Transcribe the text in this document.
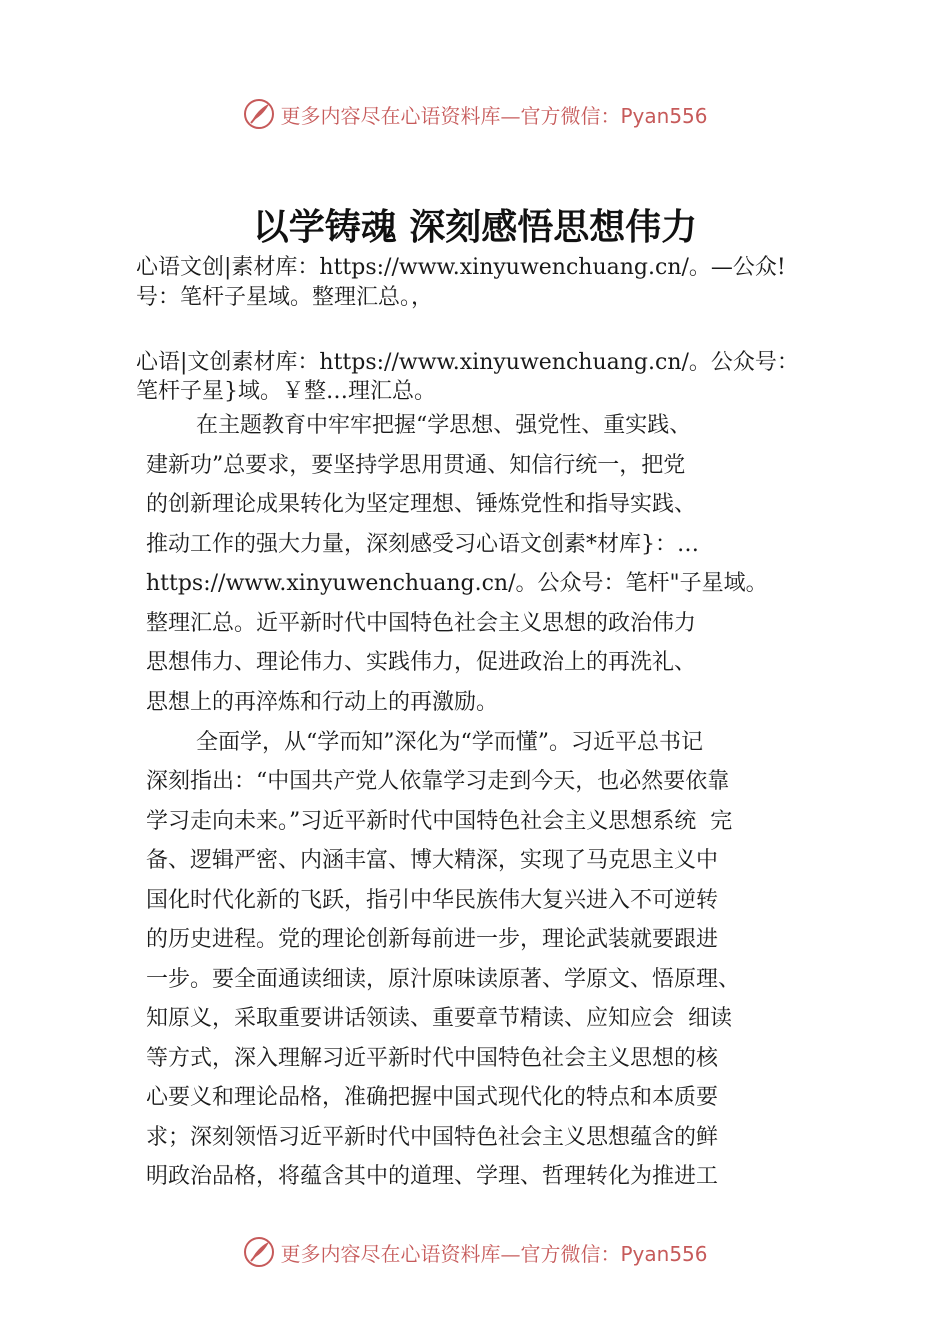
更多内容尽在心语资料库—官方微信：Pyan556
以学铸魂 深刻感悟思想伟力
心语文创|素材库：https://www.xinyuwenchuang.cn/。—公众!
号：笔杆子星域。整理汇总。，
心语|文创素材库：https://www.xinyuwenchuang.cn/。公众号：
笔杆子星}域。￥整…理汇总。
在主题教育中牢牢把握“学思想、强党性、重实践、
建新功”总要求，要坚持学思用贯通、知信行统一，把党
的创新理论成果转化为坚定理想、锤炼党性和指导实践、
推动工作的强大力量，深刻感受习心语文创素*材库}：…
https://www.xinyuwenchuang.cn/。公众号：笔杆"子星域。
整理汇总。近平新时代中国特色社会主义思想的政治伟力
思想伟力、理论伟力、实践伟力，促进政治上的再洗礼、
思想上的再淬炼和行动上的再激励。
全面学，从“学而知”深化为“学而懂”。习近平总书记
深刻指出：“中国共产党人依靠学习走到今天，也必然要依靠
学习走向未来。”习近平新时代中国特色社会主义思想系统  完
备、逻辑严密、内涵丰富、博大精深，实现了马克思主义中
国化时代化新的飞跃，指引中华民族伟大复兴进入不可逆转
的历史进程。党的理论创新每前进一步，理论武装就要跟进
一步。要全面通读细读，原汁原味读原著、学原文、悟原理、
知原义，采取重要讲话领读、重要章节精读、应知应会  细读
等方式，深入理解习近平新时代中国特色社会主义思想的核
心要义和理论品格，准确把握中国式现代化的特点和本质要
求；深刻领悟习近平新时代中国特色社会主义思想蕴含的鲜
明政治品格，将蕴含其中的道理、学理、哲理转化为推进工
更多内容尽在心语资料库—官方微信：Pyan556
